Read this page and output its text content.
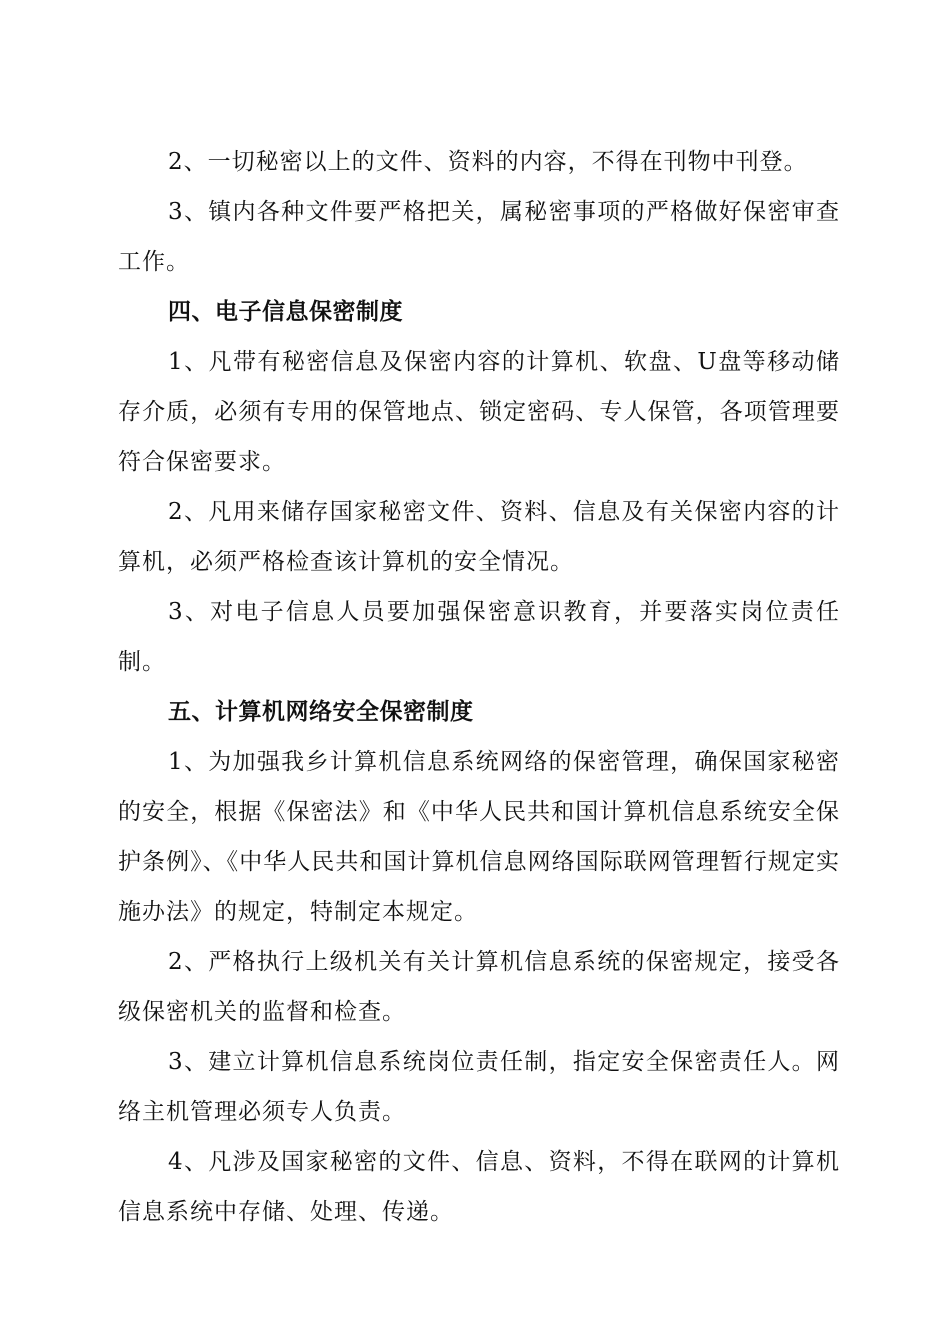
2、一切秘密以上的文件、资料的内容，不得在刊物中刊登。

3、镇内各种文件要严格把关，属秘密事项的严格做好保密审查工作。

四、电子信息保密制度

1、凡带有秘密信息及保密内容的计算机、软盘、U盘等移动储存介质，必须有专用的保管地点、锁定密码、专人保管，各项管理要符合保密要求。

2、凡用来储存国家秘密文件、资料、信息及有关保密内容的计算机，必须严格检查该计算机的安全情况。

3、对电子信息人员要加强保密意识教育，并要落实岗位责任制。

五、计算机网络安全保密制度

1、为加强我乡计算机信息系统网络的保密管理，确保国家秘密的安全，根据《保密法》和《中华人民共和国计算机信息系统安全保护条例》、《中华人民共和国计算机信息网络国际联网管理暂行规定实施办法》的规定，特制定本规定。

2、严格执行上级机关有关计算机信息系统的保密规定，接受各级保密机关的监督和检查。

3、建立计算机信息系统岗位责任制，指定安全保密责任人。网络主机管理必须专人负责。

4、凡涉及国家秘密的文件、信息、资料，不得在联网的计算机信息系统中存储、处理、传递。
